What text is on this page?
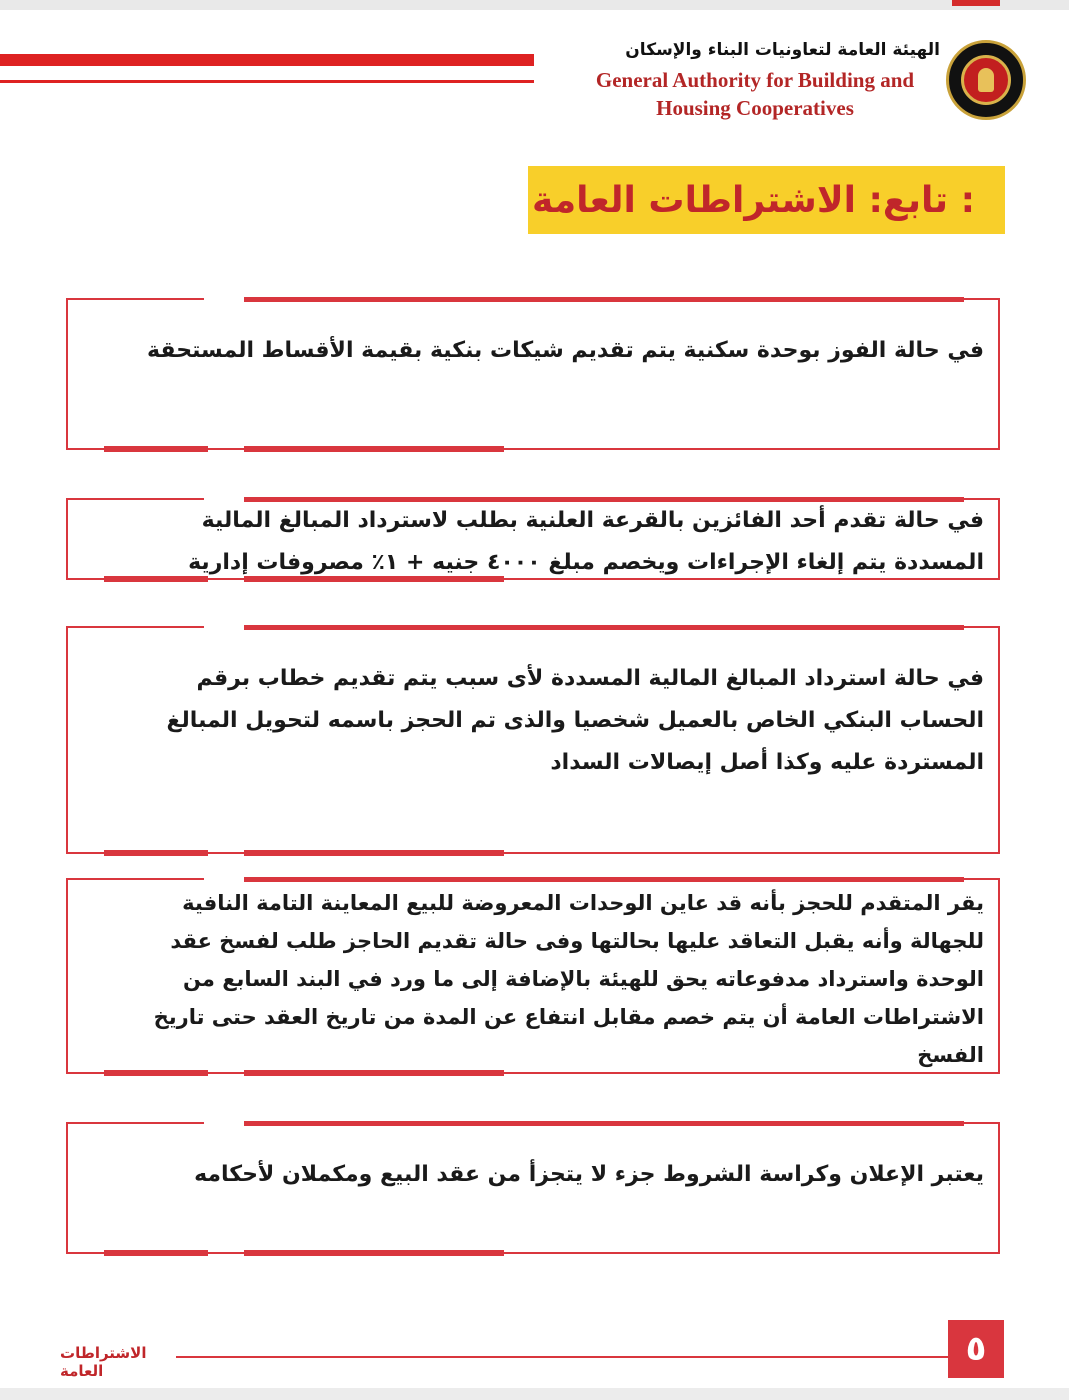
الهيئة العامة لتعاونيات البناء والإسكان
General Authority for Building and
Housing Cooperatives
تابع: الاشتراطات العامة :

في حالة الفوز بوحدة سكنية يتم تقديم شيكات بنكية بقيمة الأقساط المستحقة

في حالة تقدم أحد الفائزين بالقرعة العلنية بطلب لاسترداد المبالغ المالية المسددة يتم إلغاء الإجراءات ويخصم مبلغ ٤٠٠٠ جنيه + ١٪ مصروفات إدارية

في حالة استرداد المبالغ المالية المسددة لأى سبب يتم تقديم خطاب برقم الحساب البنكي الخاص بالعميل شخصيا والذى تم الحجز باسمه لتحويل المبالغ المستردة عليه وكذا أصل إيصالات السداد

يقر المتقدم للحجز بأنه قد عاين الوحدات المعروضة للبيع المعاينة التامة النافية للجهالة وأنه يقبل التعاقد عليها بحالتها وفى حالة تقديم الحاجز طلب لفسخ عقد الوحدة واسترداد مدفوعاته يحق للهيئة بالإضافة إلى ما ورد في البند السابع من الاشتراطات العامة أن يتم خصم مقابل انتفاع عن المدة من تاريخ العقد حتى تاريخ الفسخ

يعتبر الإعلان وكراسة الشروط جزء لا يتجزأ من عقد البيع ومكملان لأحكامه

الاشتراطات العامة
٥
